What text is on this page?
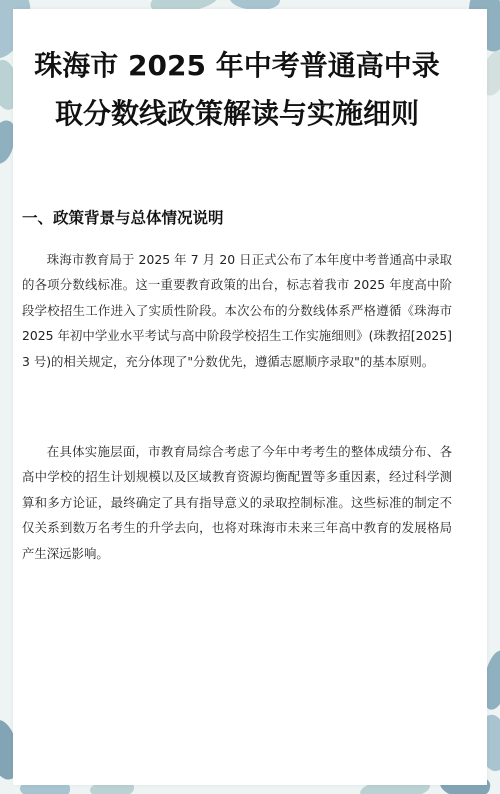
珠海市 2025 年中考普通高中录取分数线政策解读与实施细则
一、政策背景与总体情况说明

珠海市教育局于 2025 年 7 月 20 日正式公布了本年度中考普通高中录取的各项分数线标准。这一重要教育政策的出台，标志着我市 2025 年度高中阶段学校招生工作进入了实质性阶段。本次公布的分数线体系严格遵循《珠海市 2025 年初中学业水平考试与高中阶段学校招生工作实施细则》(珠教招[2025]3 号)的相关规定，充分体现了"分数优先，遵循志愿顺序录取"的基本原则。

在具体实施层面，市教育局综合考虑了今年中考考生的整体成绩分布、各高中学校的招生计划规模以及区域教育资源均衡配置等多重因素，经过科学测算和多方论证，最终确定了具有指导意义的录取控制标准。这些标准的制定不仅关系到数万名考生的升学去向，也将对珠海市未来三年高中教育的发展格局产生深远影响。
